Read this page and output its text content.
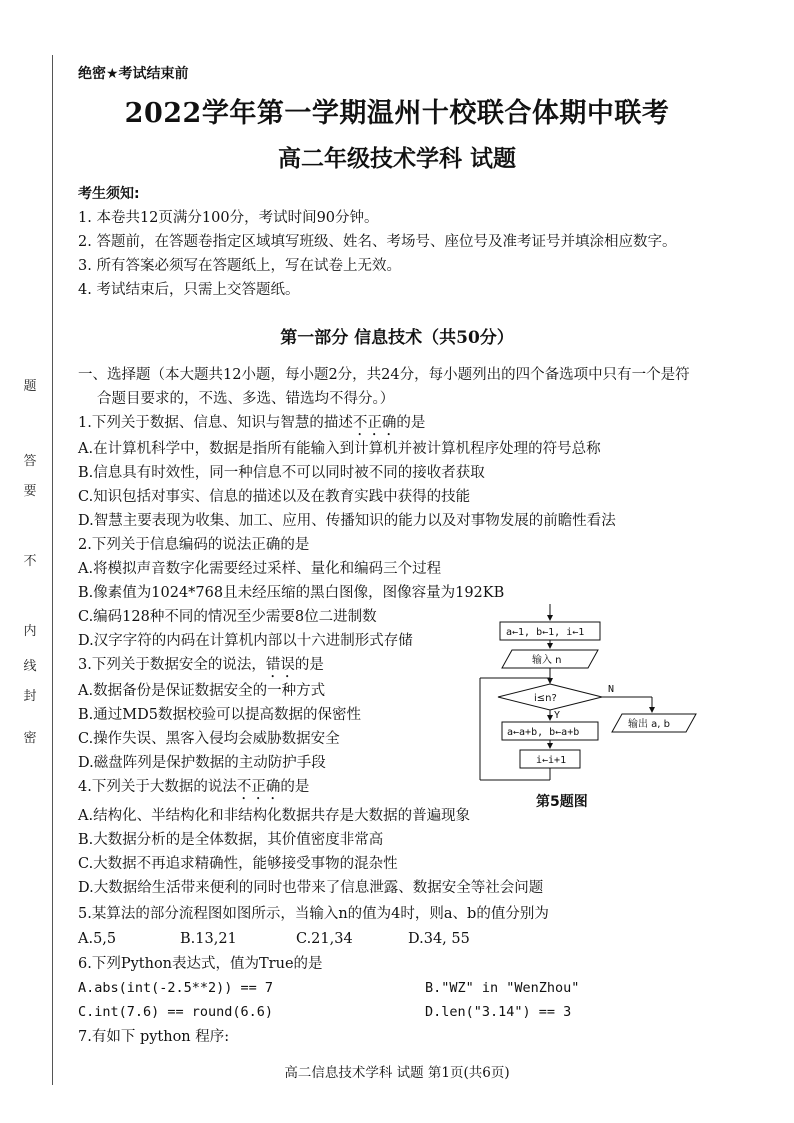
题
答
要
不
内
线
封
密
绝密★考试结束前
2022学年第一学期温州十校联合体期中联考
高二年级技术学科 试题
考生须知:
1. 本卷共12页满分100分，考试时间90分钟。
2. 答题前，在答题卷指定区域填写班级、姓名、考场号、座位号及准考证号并填涂相应数字。
3. 所有答案必须写在答题纸上，写在试卷上无效。
4. 考试结束后，只需上交答题纸。
第一部分 信息技术（共50分）
一、选择题（本大题共12小题，每小题2分，共24分，每小题列出的四个备选项中只有一个是符
合题目要求的，不选、多选、错选均不得分。）
1.下列关于数据、信息、知识与智慧的描述不正确的是
A.在计算机科学中，数据是指所有能输入到计算机并被计算机程序处理的符号总称
B.信息具有时效性，同一种信息不可以同时被不同的接收者获取
C.知识包括对事实、信息的描述以及在教育实践中获得的技能
D.智慧主要表现为收集、加工、应用、传播知识的能力以及对事物发展的前瞻性看法
2.下列关于信息编码的说法正确的是
A.将模拟声音数字化需要经过采样、量化和编码三个过程
B.像素值为1024*768且未经压缩的黑白图像，图像容量为192KB
C.编码128种不同的情况至少需要8位二进制数
D.汉字字符的内码在计算机内部以十六进制形式存储
3.下列关于数据安全的说法，错误的是
A.数据备份是保证数据安全的一种方式
B.通过MD5数据校验可以提高数据的保密性
C.操作失误、黑客入侵均会威胁数据安全
D.磁盘阵列是保护数据的主动防护手段
4.下列关于大数据的说法不正确的是
A.结构化、半结构化和非结构化数据共存是大数据的普遍现象
B.大数据分析的是全体数据，其价值密度非常高
C.大数据不再追求精确性，能够接受事物的混杂性
D.大数据给生活带来便利的同时也带来了信息泄露、数据安全等社会问题
5.某算法的部分流程图如图所示，当输入n的值为4时，则a、b的值分别为
A.5,5	B.13,21	C.21,34	D.34, 55
6.下列Python表达式，值为True的是
A.abs(int(-2.5**2)) == 7	B."WZ" in "WenZhou"
C.int(7.6) == round(6.6)	D.len("3.14") == 3
7.有如下 python 程序:
a←1, b←1, i←1
输入 n
i≤n?
N
输出 a, b
Y
a←a+b, b←a+b
i←i+1
第5题图
高二信息技术学科 试题 第1页(共6页)
